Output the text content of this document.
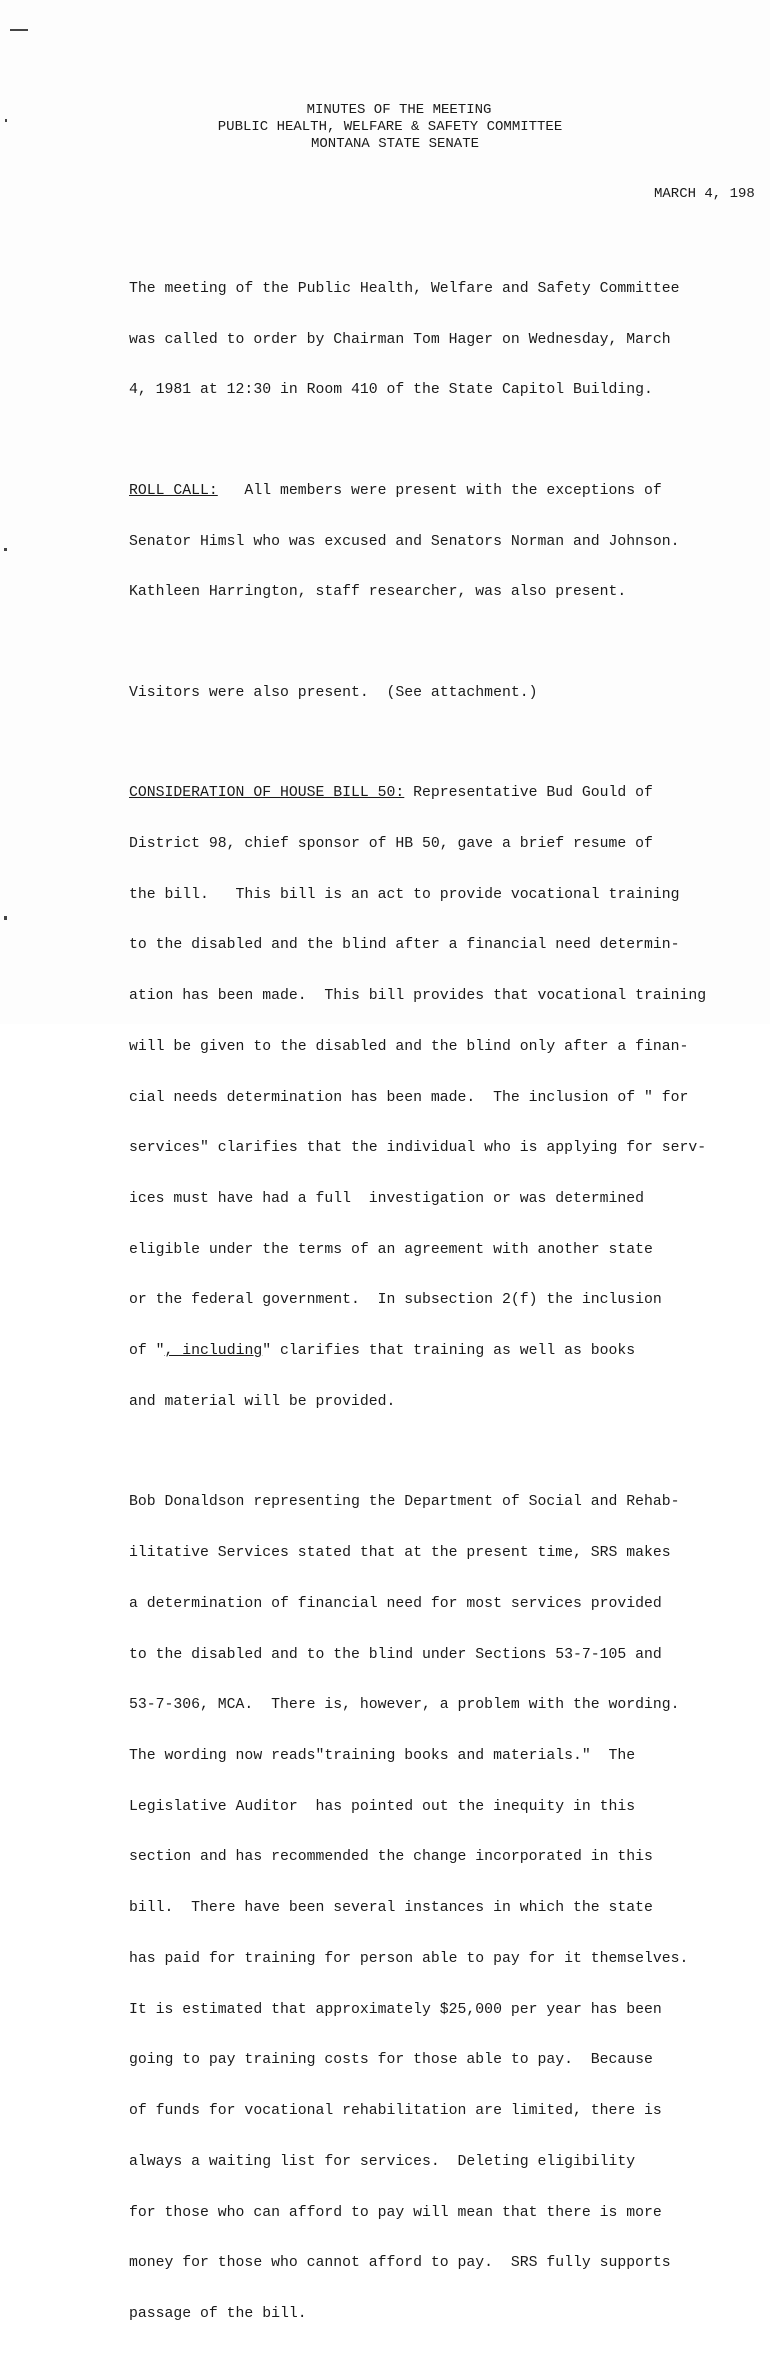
MINUTES OF THE MEETING
PUBLIC HEALTH, WELFARE & SAFETY COMMITTEE
MONTANA STATE SENATE
MARCH 4, 198

The meeting of the Public Health, Welfare and Safety Committee

was called to order by Chairman Tom Hager on Wednesday, March

4, 1981 at 12:30 in Room 410 of the State Capitol Building.

ROLL CALL:   All members were present with the exceptions of

Senator Himsl who was excused and Senators Norman and Johnson.

Kathleen Harrington, staff researcher, was also present.

Visitors were also present.  (See attachment.)

CONSIDERATION OF HOUSE BILL 50: Representative Bud Gould of

District 98, chief sponsor of HB 50, gave a brief resume of

the bill.   This bill is an act to provide vocational training

to the disabled and the blind after a financial need determin-

ation has been made.  This bill provides that vocational training

will be given to the disabled and the blind only after a finan-

cial needs determination has been made.  The inclusion of " for

services" clarifies that the individual who is applying for serv-

ices must have had a full  investigation or was determined

eligible under the terms of an agreement with another state

or the federal government.  In subsection 2(f) the inclusion

of ", including" clarifies that training as well as books

and material will be provided.

Bob Donaldson representing the Department of Social and Rehab-

ilitative Services stated that at the present time, SRS makes

a determination of financial need for most services provided

to the disabled and to the blind under Sections 53-7-105 and

53-7-306, MCA.  There is, however, a problem with the wording.

The wording now reads"training books and materials."  The

Legislative Auditor  has pointed out the inequity in this

section and has recommended the change incorporated in this

bill.  There have been several instances in which the state

has paid for training for person able to pay for it themselves.

It is estimated that approximately $25,000 per year has been

going to pay training costs for those able to pay.  Because

of funds for vocational rehabilitation are limited, there is

always a waiting list for services.  Deleting eligibility

for those who can afford to pay will mean that there is more

money for those who cannot afford to pay.  SRS fully supports

passage of the bill.
